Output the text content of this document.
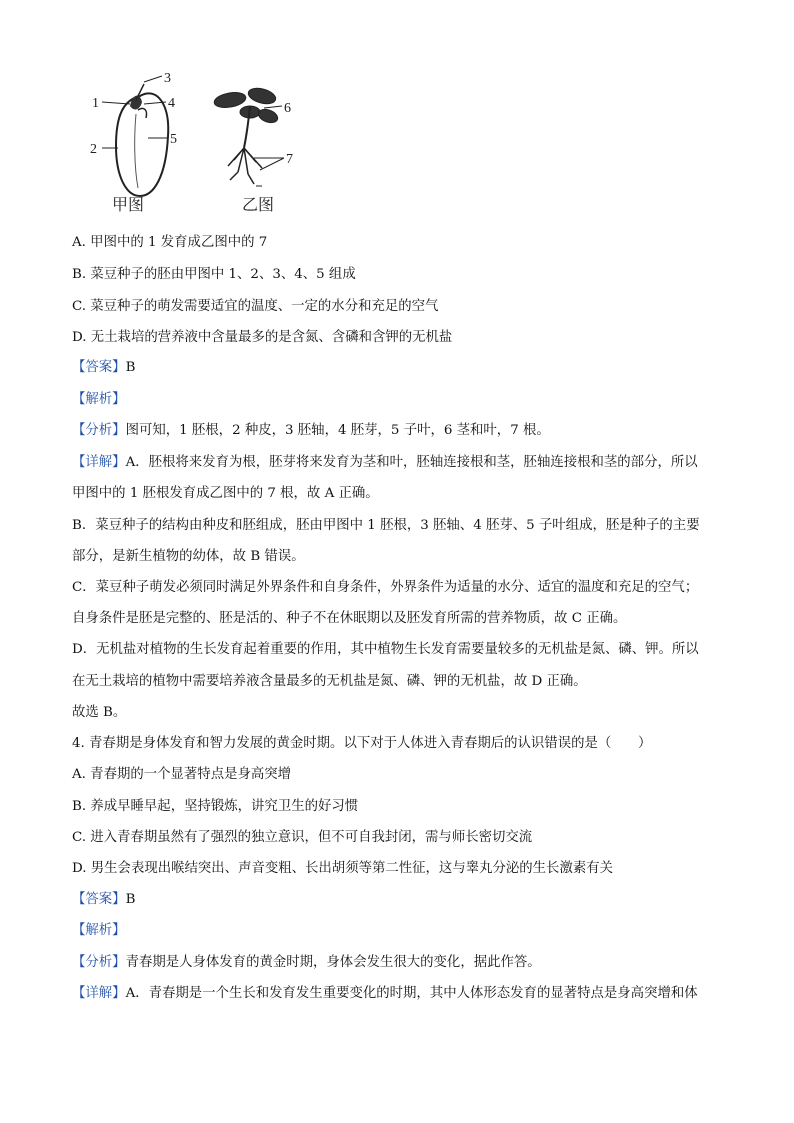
1
3
4
2
5
6
7
甲图	乙图
A. 甲图中的 1 发育成乙图中的 7
B. 菜豆种子的胚由甲图中 1、2、3、4、5 组成
C. 菜豆种子的萌发需要适宜的温度、一定的水分和充足的空气
D. 无土栽培的营养液中含量最多的是含氮、含磷和含钾的无机盐
【答案】B
【解析】
【分析】图可知，1 胚根，2 种皮，3 胚轴，4 胚芽，5 子叶，6 茎和叶，7 根。
【详解】A．胚根将来发育为根，胚芽将来发育为茎和叶，胚轴连接根和茎，胚轴连接根和茎的部分，所以
甲图中的 1 胚根发育成乙图中的 7 根，故 A 正确。
B．菜豆种子的结构由种皮和胚组成，胚由甲图中 1 胚根，3 胚轴、4 胚芽、5 子叶组成，胚是种子的主要
部分，是新生植物的幼体，故 B 错误。
C．菜豆种子萌发必须同时满足外界条件和自身条件，外界条件为适量的水分、适宜的温度和充足的空气；
自身条件是胚是完整的、胚是活的、种子不在休眠期以及胚发育所需的营养物质，故 C 正确。
D．无机盐对植物的生长发育起着重要的作用，其中植物生长发育需要量较多的无机盐是氮、磷、钾。所以
在无土栽培的植物中需要培养液含量最多的无机盐是氮、磷、钾的无机盐，故 D 正确。
故选 B。
4. 青春期是身体发育和智力发展的黄金时期。以下对于人体进入青春期后的认识错误的是（　　）
A. 青春期的一个显著特点是身高突增
B. 养成早睡早起，坚持锻炼，讲究卫生的好习惯
C. 进入青春期虽然有了强烈的独立意识，但不可自我封闭，需与师长密切交流
D. 男生会表现出喉结突出、声音变粗、长出胡须等第二性征，这与睾丸分泌的生长激素有关
【答案】B
【解析】
【分析】青春期是人身体发育的黄金时期，身体会发生很大的变化，据此作答。
【详解】A．青春期是一个生长和发育发生重要变化的时期，其中人体形态发育的显著特点是身高突增和体
